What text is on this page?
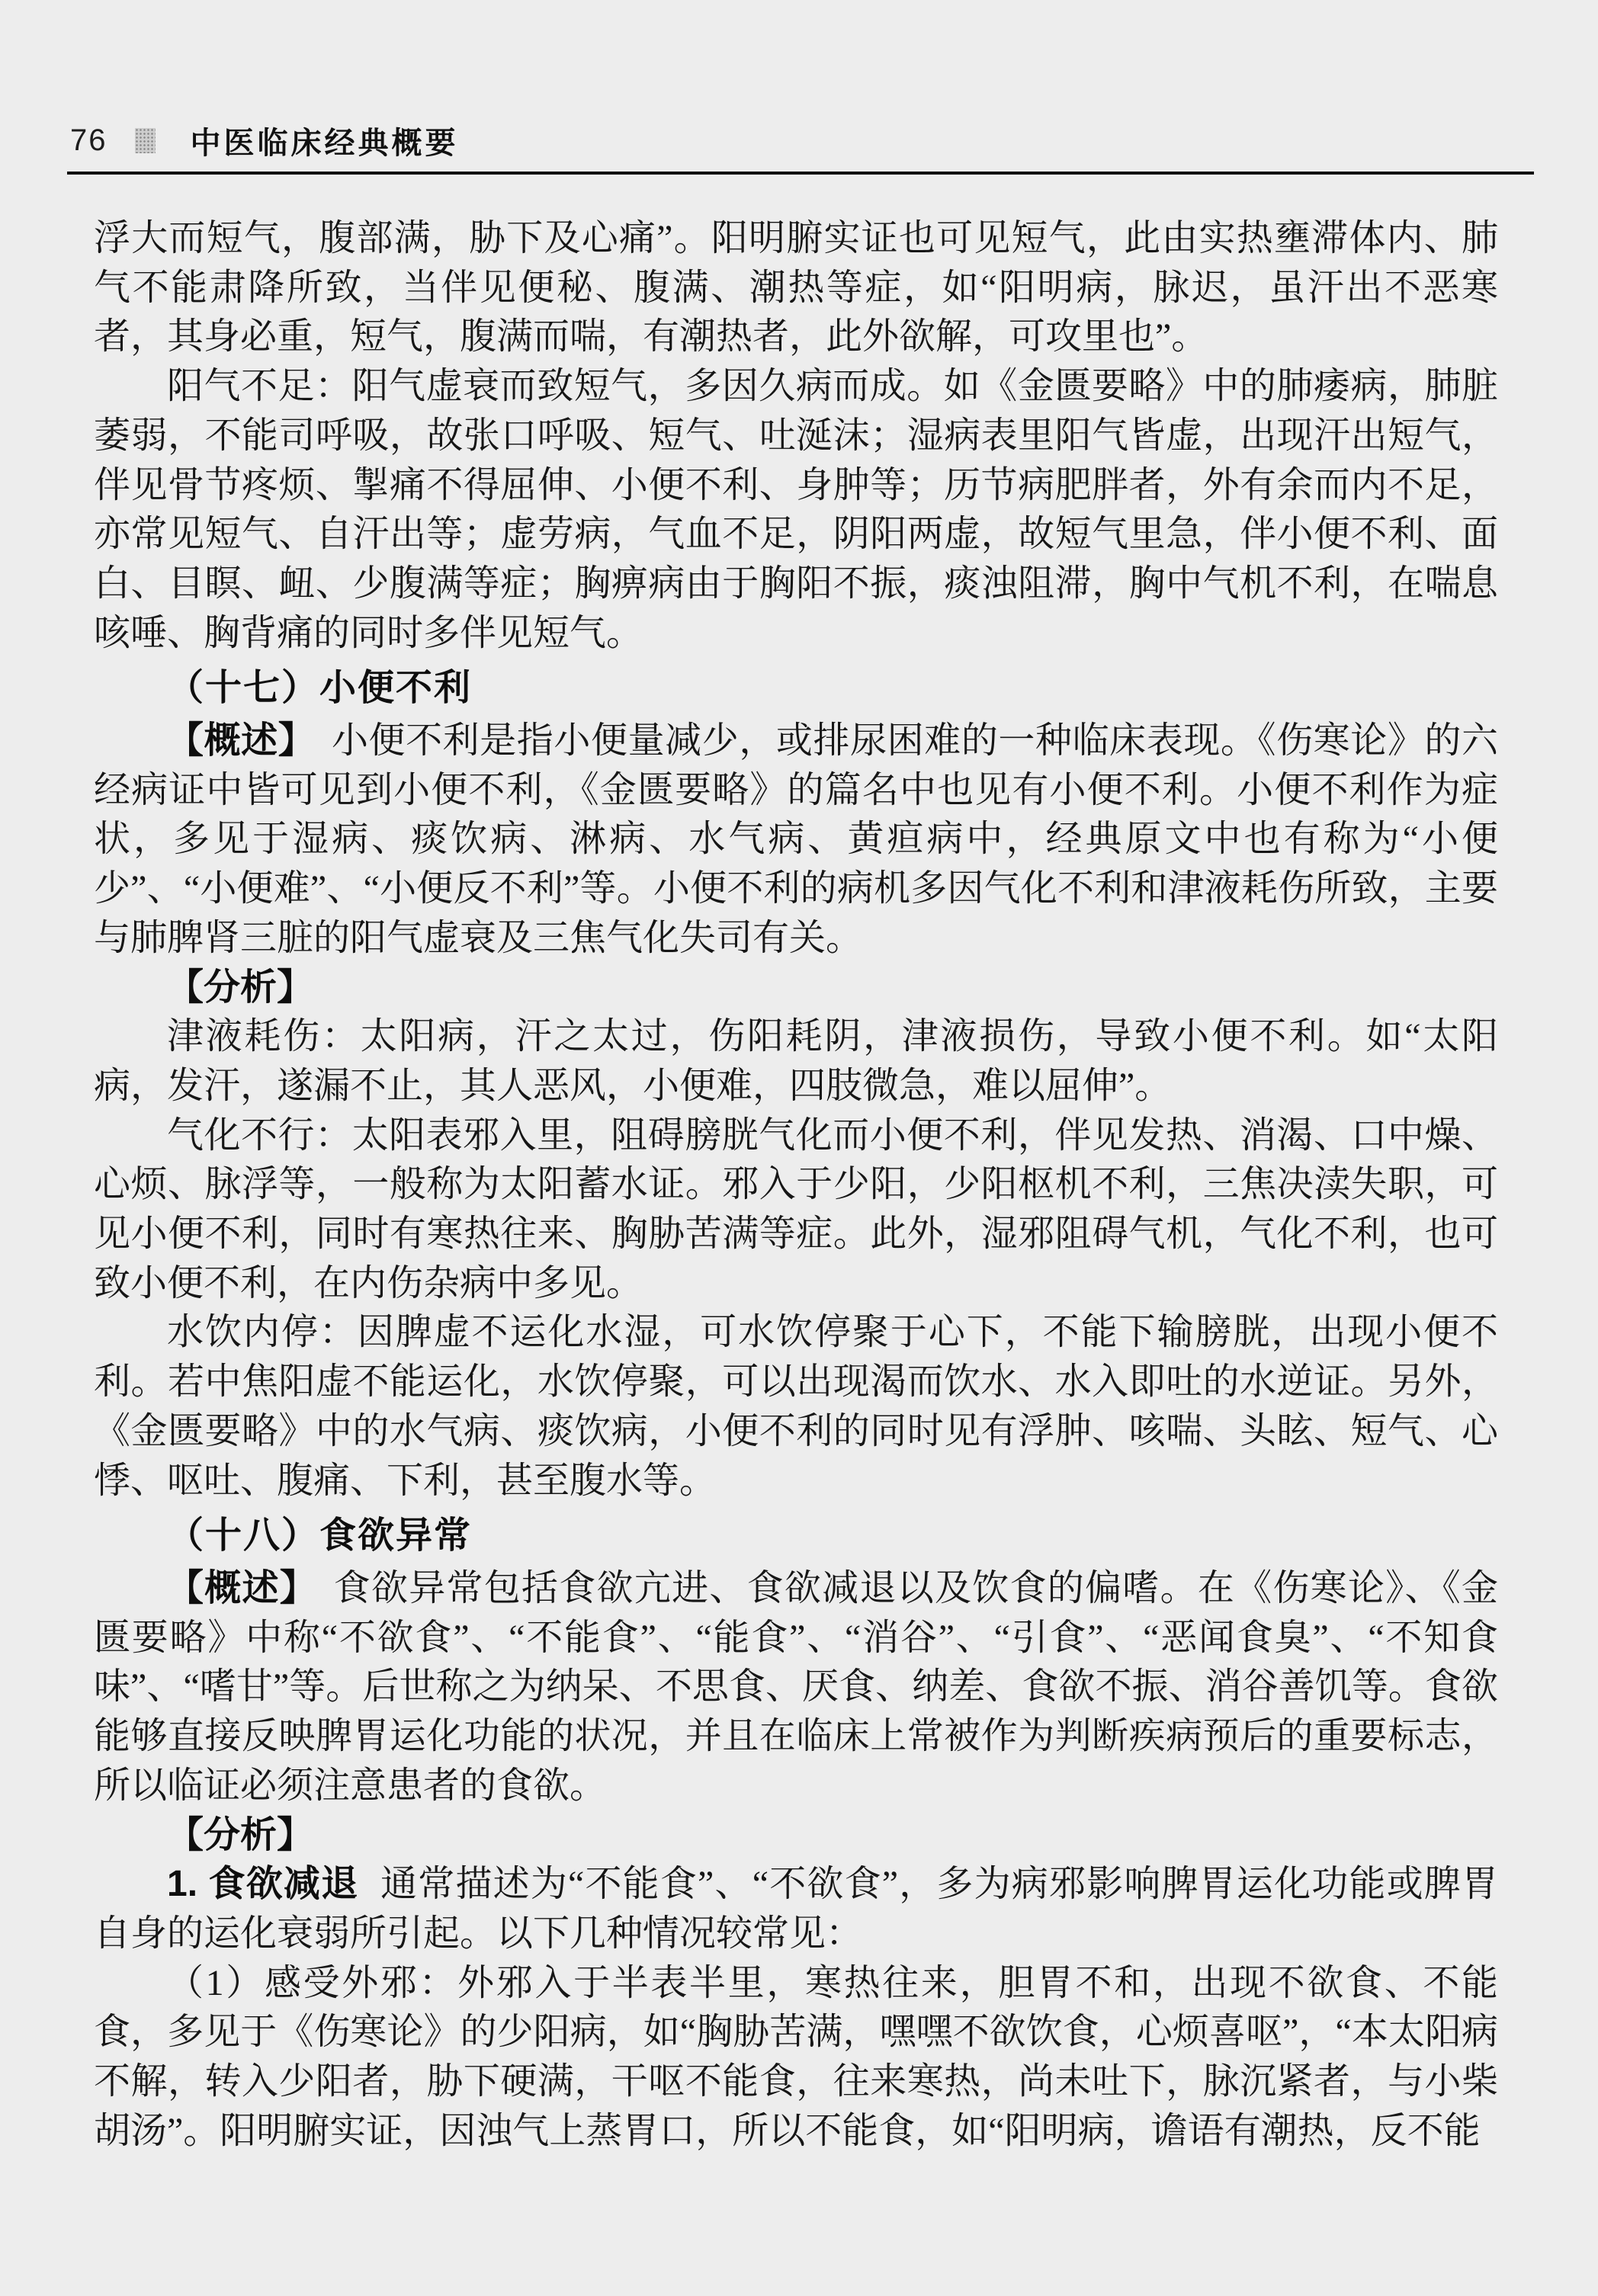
76	中医临床经典概要

浮大而短气，腹部满，胁下及心痛”。阳明腑实证也可见短气，此由实热壅滞体内、肺气不能肃降所致，当伴见便秘、腹满、潮热等症，如“阳明病，脉迟，虽汗出不恶寒者，其身必重，短气，腹满而喘，有潮热者，此外欲解，可攻里也”。

阳气不足：阳气虚衰而致短气，多因久病而成。如《金匮要略》中的肺痿病，肺脏萎弱，不能司呼吸，故张口呼吸、短气、吐涎沫；湿病表里阳气皆虚，出现汗出短气，伴见骨节疼烦、掣痛不得屈伸、小便不利、身肿等；历节病肥胖者，外有余而内不足，亦常见短气、自汗出等；虚劳病，气血不足，阴阳两虚，故短气里急，伴小便不利、面白、目瞑、衄、少腹满等症；胸痹病由于胸阳不振，痰浊阻滞，胸中气机不利，在喘息咳唾、胸背痛的同时多伴见短气。

（十七）小便不利

【概述】 小便不利是指小便量减少，或排尿困难的一种临床表现。《伤寒论》的六经病证中皆可见到小便不利，《金匮要略》的篇名中也见有小便不利。小便不利作为症状，多见于湿病、痰饮病、淋病、水气病、黄疸病中，经典原文中也有称为“小便少”、“小便难”、“小便反不利”等。小便不利的病机多因气化不利和津液耗伤所致，主要与肺脾肾三脏的阳气虚衰及三焦气化失司有关。

【分析】

津液耗伤：太阳病，汗之太过，伤阳耗阴，津液损伤，导致小便不利。如“太阳病，发汗，遂漏不止，其人恶风，小便难，四肢微急，难以屈伸”。

气化不行：太阳表邪入里，阻碍膀胱气化而小便不利，伴见发热、消渴、口中燥、心烦、脉浮等，一般称为太阳蓄水证。邪入于少阳，少阳枢机不利，三焦决渎失职，可见小便不利，同时有寒热往来、胸胁苦满等症。此外，湿邪阻碍气机，气化不利，也可致小便不利，在内伤杂病中多见。

水饮内停：因脾虚不运化水湿，可水饮停聚于心下，不能下输膀胱，出现小便不利。若中焦阳虚不能运化，水饮停聚，可以出现渴而饮水、水入即吐的水逆证。另外，《金匮要略》中的水气病、痰饮病，小便不利的同时见有浮肿、咳喘、头眩、短气、心悸、呕吐、腹痛、下利，甚至腹水等。

（十八）食欲异常

【概述】 食欲异常包括食欲亢进、食欲减退以及饮食的偏嗜。在《伤寒论》、《金匮要略》中称“不欲食”、“不能食”、“能食”、“消谷”、“引食”、“恶闻食臭”、“不知食味”、“嗜甘”等。后世称之为纳呆、不思食、厌食、纳差、食欲不振、消谷善饥等。食欲能够直接反映脾胃运化功能的状况，并且在临床上常被作为判断疾病预后的重要标志，所以临证必须注意患者的食欲。

【分析】

1. 食欲减退 通常描述为“不能食”、“不欲食”，多为病邪影响脾胃运化功能或脾胃自身的运化衰弱所引起。以下几种情况较常见：

（1）感受外邪：外邪入于半表半里，寒热往来，胆胃不和，出现不欲食、不能食，多见于《伤寒论》的少阳病，如“胸胁苦满，嘿嘿不欲饮食，心烦喜呕”，“本太阳病不解，转入少阳者，胁下硬满，干呕不能食，往来寒热，尚未吐下，脉沉紧者，与小柴胡汤”。阳明腑实证，因浊气上蒸胃口，所以不能食，如“阳明病，谵语有潮热，反不能
